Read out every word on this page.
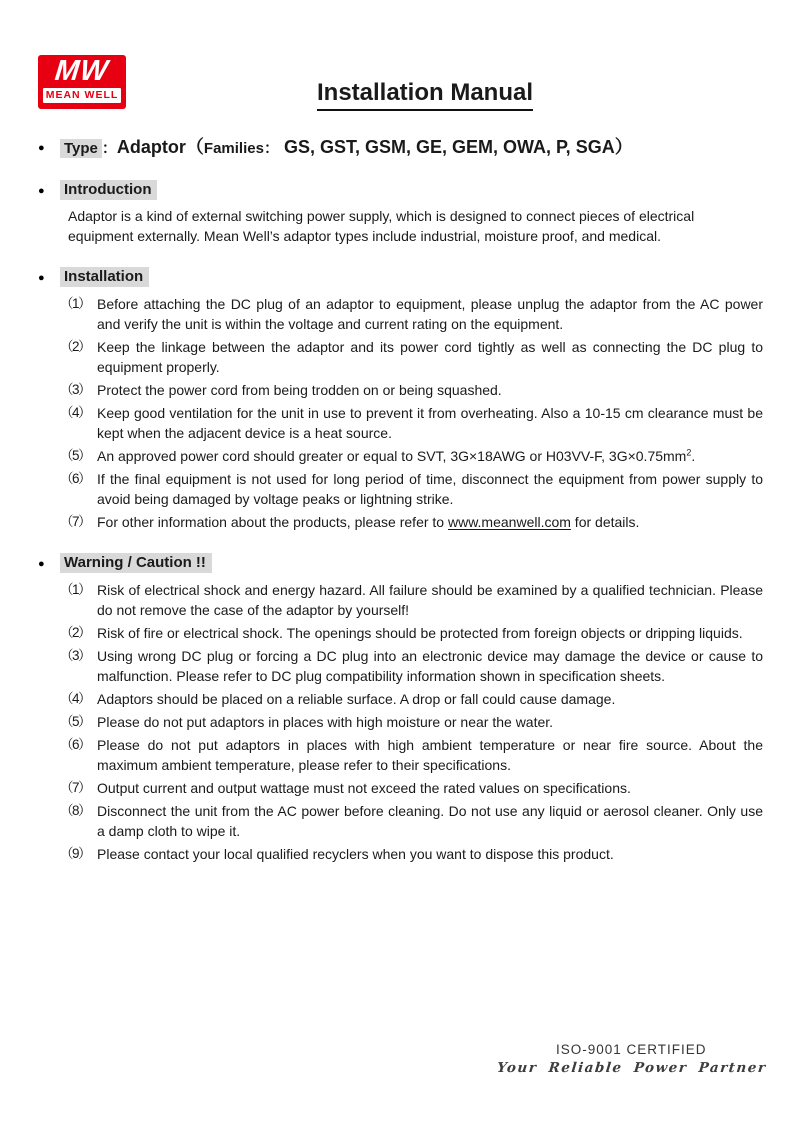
MW
MEAN WELL	Installation Manual
● Type ：Adaptor（Families： GS, GST, GSM, GE, GEM, OWA, P, SGA）
●	Introduction
Adaptor is a kind of external switching power supply, which is designed to connect pieces of electrical equipment externally. Mean Well’s adaptor types include industrial, moisture proof, and medical.
●	Installation
（1） Before attaching the DC plug of an adaptor to equipment, please unplug the adaptor from the AC power and verify the unit is within the voltage and current rating on the equipment.
（2） Keep the linkage between the adaptor and its power cord tightly as well as connecting the DC plug to equipment properly.
（3） Protect the power cord from being trodden on or being squashed.
（4） Keep good ventilation for the unit in use to prevent it from overheating. Also a 10-15 cm clearance must be kept when the adjacent device is a heat source.
（5） An approved power cord should greater or equal to SVT, 3G×18AWG or H03VV-F, $3G\times 0.75mm^2$.
（6） If the final equipment is not used for long period of time, disconnect the equipment from power supply to avoid being damaged by voltage peaks or lightning strike.
（7） For other information about the products, please refer to www.meanwell.com for details.
●	Warning / Caution !!
（1） Risk of electrical shock and energy hazard. All failure should be examined by a qualified technician. Please do not remove the case of the adaptor by yourself!
（2） Risk of fire or electrical shock. The openings should be protected from foreign objects or dripping liquids.
（3） Using wrong DC plug or forcing a DC plug into an electronic device may damage the device or cause to malfunction. Please refer to DC plug compatibility information shown in specification sheets.
（4） Adaptors should be placed on a reliable surface. A drop or fall could cause damage.
（5） Please do not put adaptors in places with high moisture or near the water.
（6） Please do not put adaptors in places with high ambient temperature or near fire source. About the maximum ambient temperature, please refer to their specifications.
（7） Output current and output wattage must not exceed the rated values on specifications.
（8） Disconnect the unit from the AC power before cleaning. Do not use any liquid or aerosol cleaner. Only use a damp cloth to wipe it.
（9） Please contact your local qualified recyclers when you want to dispose this product.
ISO-9001 CERTIFIED
Your Reliable Power Partner
